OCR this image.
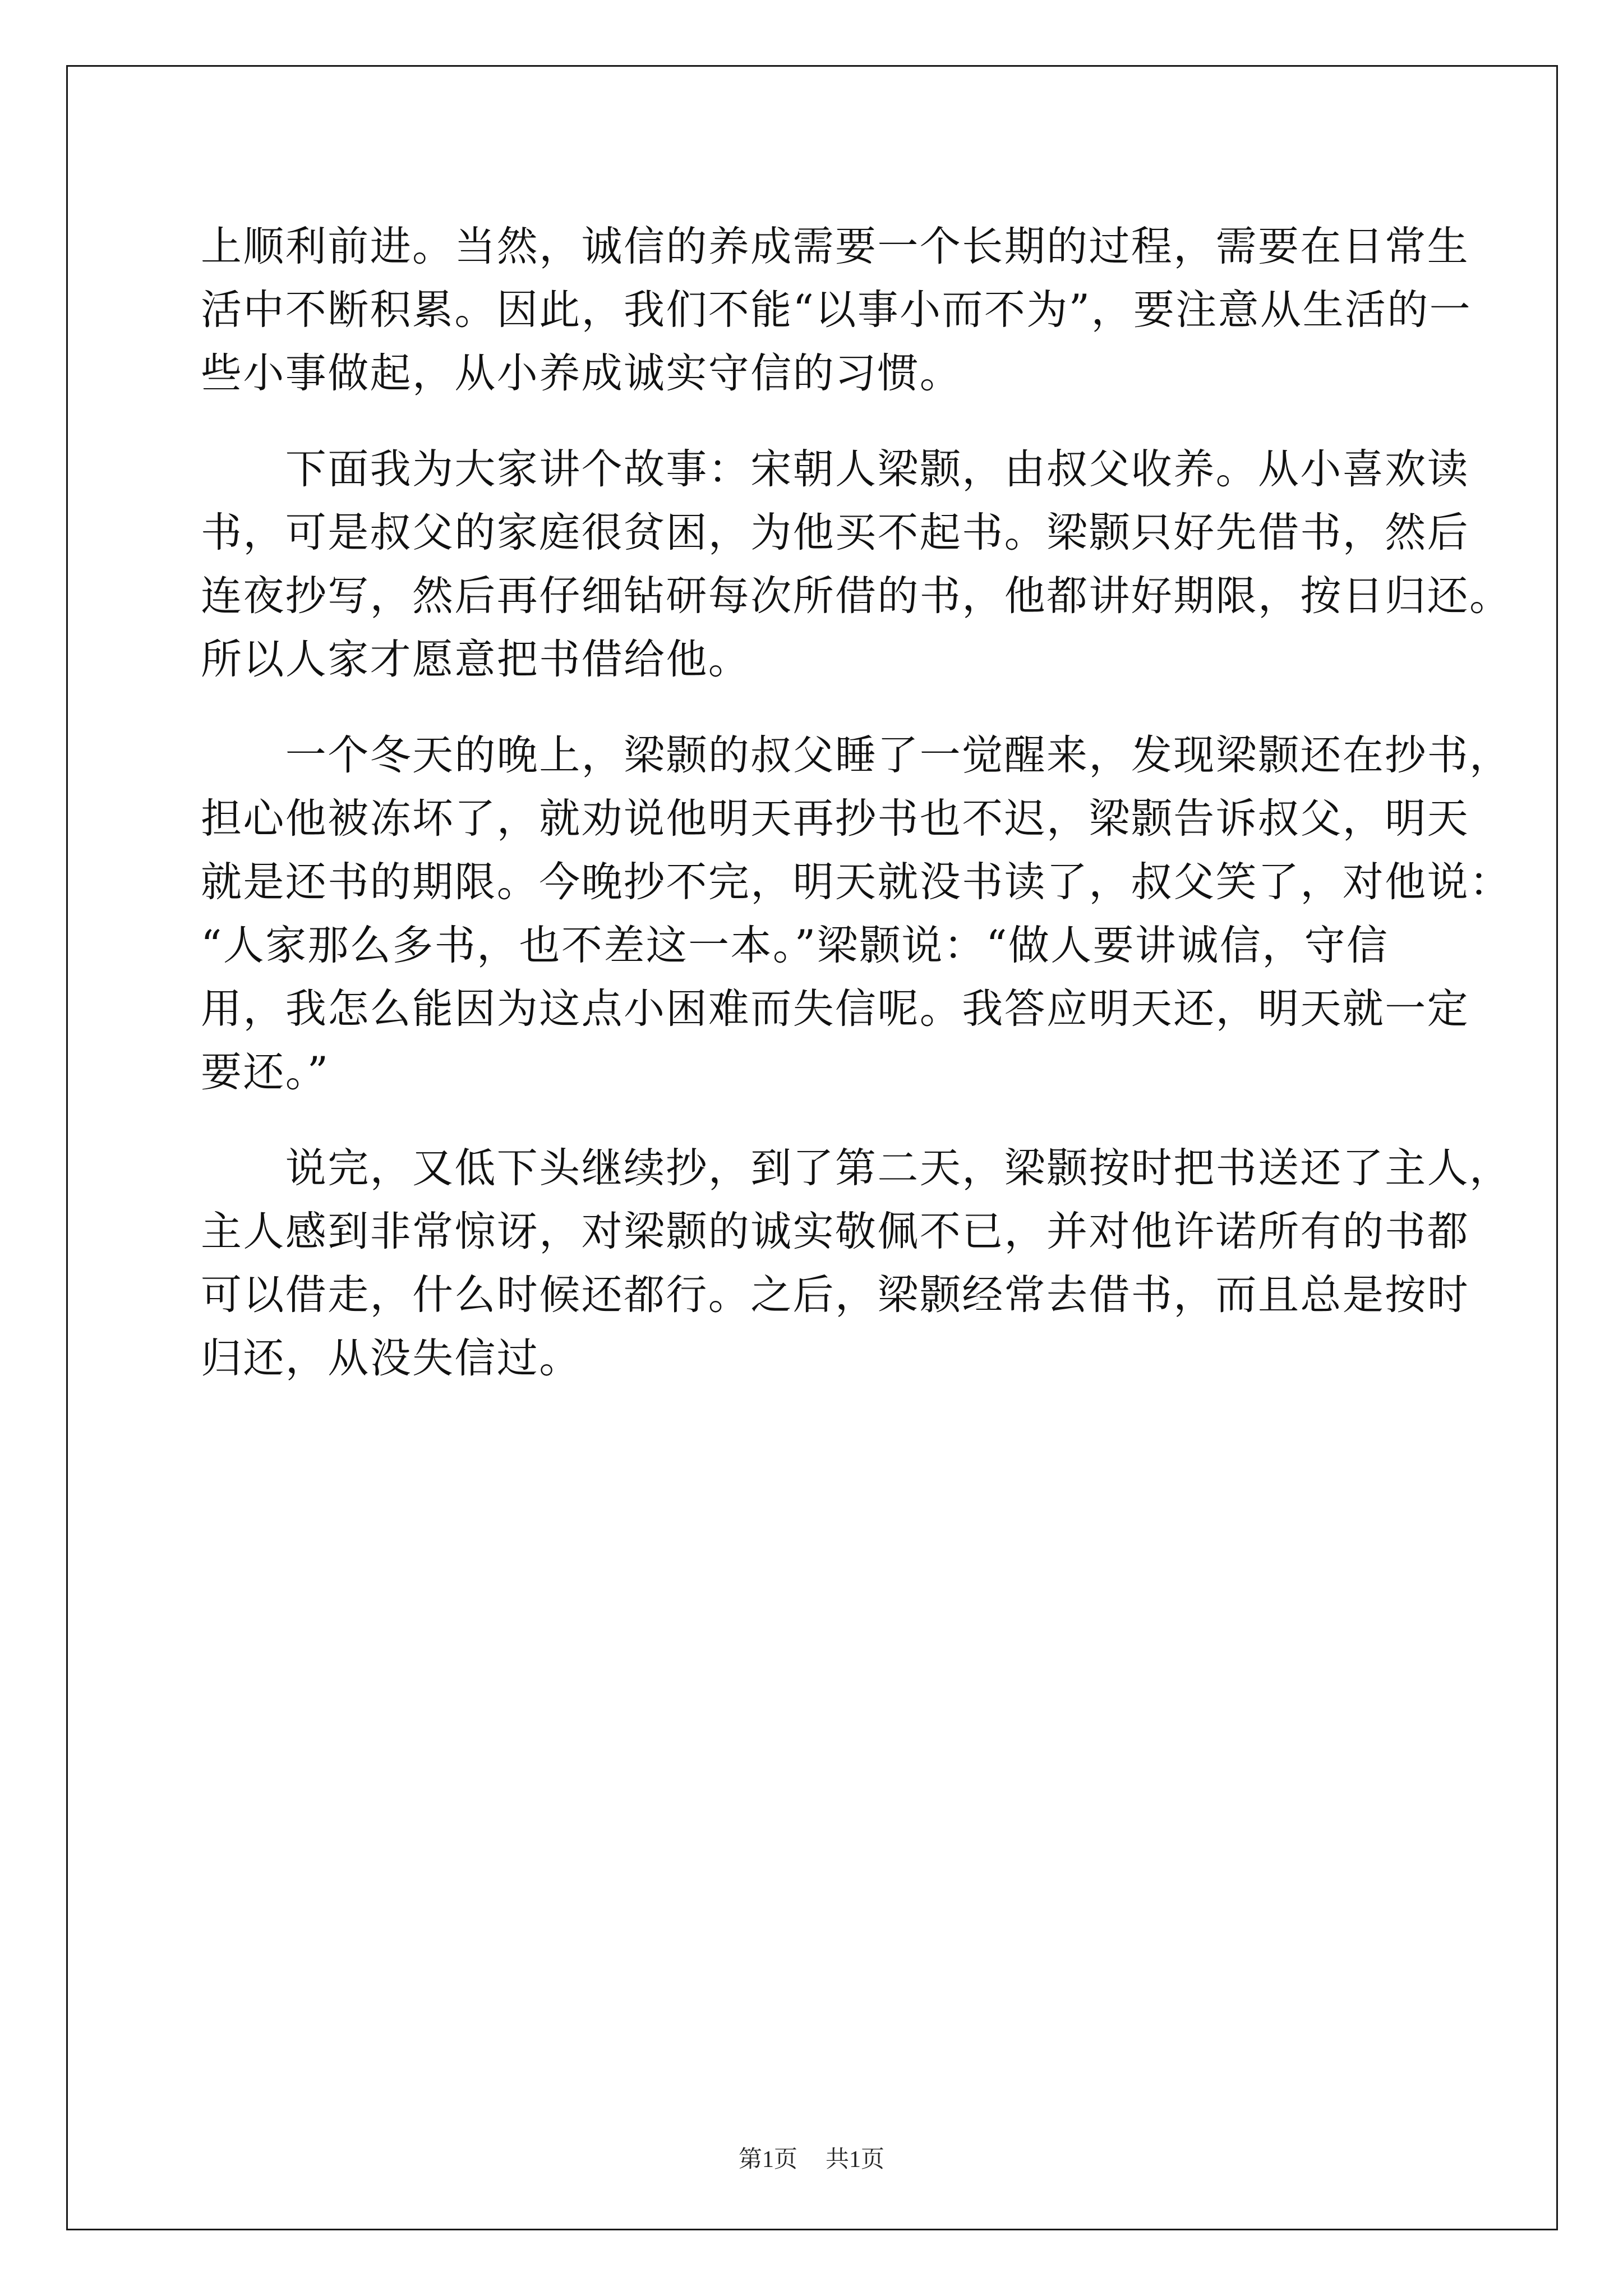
上顺利前进。当然，诚信的养成需要一个长期的过程，需要在日常生
活中不断积累。因此，我们不能“以事小而不为”，要注意从生活的一
些小事做起，从小养成诚实守信的习惯。
　　下面我为大家讲个故事：宋朝人梁颢，由叔父收养。从小喜欢读
书，可是叔父的家庭很贫困，为他买不起书。梁颢只好先借书，然后
连夜抄写，然后再仔细钻研每次所借的书，他都讲好期限，按日归还。
所以人家才愿意把书借给他。
　　一个冬天的晚上，梁颢的叔父睡了一觉醒来，发现梁颢还在抄书，
担心他被冻坏了，就劝说他明天再抄书也不迟，梁颢告诉叔父，明天
就是还书的期限。今晚抄不完，明天就没书读了，叔父笑了，对他说：
“人家那么多书，也不差这一本。”梁颢说：“做人要讲诚信，守信
用，我怎么能因为这点小困难而失信呢。我答应明天还，明天就一定
要还。”
　　说完，又低下头继续抄，到了第二天，梁颢按时把书送还了主人，
主人感到非常惊讶，对梁颢的诚实敬佩不已，并对他许诺所有的书都
可以借走，什么时候还都行。之后，梁颢经常去借书，而且总是按时
归还，从没失信过。
第1页 共1页
